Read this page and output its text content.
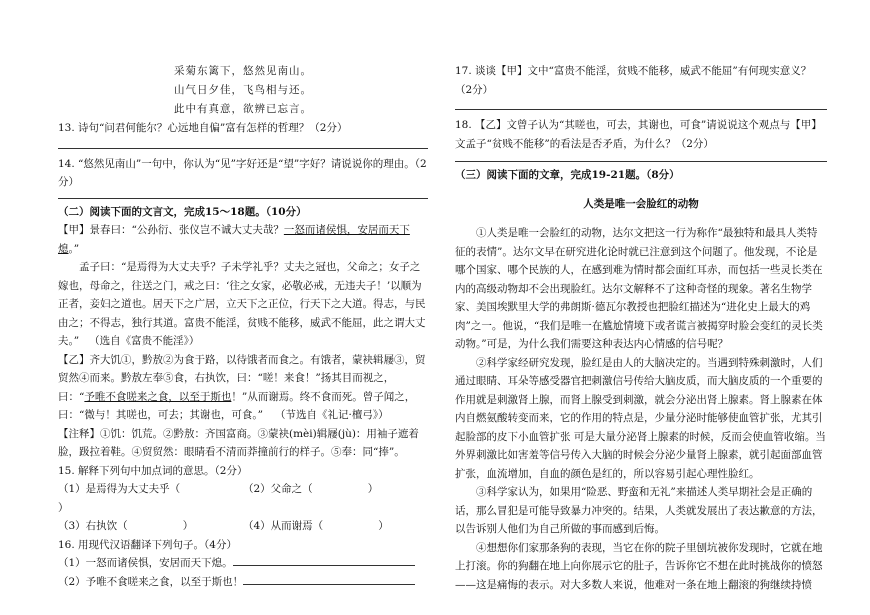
采菊东篱下，悠然见南山。
山气日夕佳，飞鸟相与还。
此中有真意，欲辨已忘言。

13. 诗句“问君何能尔？心远地自偏”富有怎样的哲理？（2分）

14. “悠然见南山”一句中，你认为“见”字好还是“望”字好？请说说你的理由。（2分）

（二）阅读下面的文言文，完成15～18题。（10分）

【甲】景春曰：“公孙衍、张仪岂不诚大丈夫哉？一怒而诸侯惧，安居而天下熄。”

孟子曰：“是焉得为大丈夫乎？子未学礼乎？丈夫之冠也，父命之；女子之嫁也，母命之，往送之门，戒之曰：‘往之女家，必敬必戒，无违夫子！’以顺为正者，妾妇之道也。居天下之广居，立天下之正位，行天下之大道。得志，与民由之；不得志，独行其道。富贵不能淫，贫贱不能移，威武不能屈，此之谓大丈夫。” （选自《富贵不能淫》）

【乙】齐大饥①，黔敖②为食于路，以待饿者而食之。有饿者，蒙袂辑屦③，贸贸然④而来。黔敖左奉⑤食，右执饮，曰：“嗟！来食！”扬其目而视之，曰：“予唯不食嗟来之食，以至于斯也！”从而谢焉。终不食而死。曾子闻之，曰：“微与！其嗟也，可去；其谢也，可食。” （节选自《礼记·檀弓》）

【注释】①饥：饥荒。②黔敖：齐国富商。③蒙袂(mèi)辑屦(jù)：用袖子遮着脸，趿拉着鞋。④贸贸然：眼睛看不清而莽撞前行的样子。⑤奉：同“捧”。

15. 解释下列句中加点词的意思。（2分）

（1）是焉得为大丈夫乎（）
（2）父命之（	）
（3）右执饮（	）	（4）从而谢焉（	）

16. 用现代汉语翻译下列句子。（4分）

（1）一怒而诸侯惧，安居而天下熄。

（2）予唯不食嗟来之食，以至于斯也！

17. 谈谈【甲】文中“富贵不能淫，贫贱不能移，威武不能屈”有何现实意义？（2分）

18. 【乙】文曾子认为“其嗟也，可去，其谢也，可食”请说说这个观点与【甲】文孟子“贫贱不能移”的看法是否矛盾，为什么？（2分）

（三）阅读下面的文章，完成19-21题。（8分）

人类是唯一会脸红的动物

①人类是唯一会脸红的动物，达尔文把这一行为称作“最独特和最具人类特征的表情”。达尔文早在研究进化论时就已注意到这个问题了。他发现，不论是哪个国家、哪个民族的人，在感到难为情时都会面红耳赤，而包括一些灵长类在内的高级动物却不会出现脸红。达尔文解释不了这种奇怪的现象。著名生物学家、美国埃默里大学的弗朗斯·德瓦尔教授也把脸红描述为“进化史上最大的鸡肉”之一。他说，“我们是唯一在尴尬情境下或者谎言被揭穿时脸会变红的灵长类动物。”可是，为什么我们需要这种表达内心情感的信号呢？

②科学家经研究发现，脸红是由人的大脑决定的。当遇到特殊刺激时，人们通过眼睛、耳朵等感受器官把刺激信号传给大脑皮质，而大脑皮质的一个重要的作用就是刺激肾上腺，而肾上腺受到刺激，就会分泌出肾上腺素。肾上腺素在体内自燃氨酸转变而来，它的作用的特点是，少量分泌时能够使血管扩张，尤其引起脸部的皮下小血管扩张 可是大量分泌肾上腺素的时候，反而会使血管收缩。当外界刺激比如害羞等信号传入大脑的时候会分泌少量肾上腺素，就引起面部血管扩张，血流增加，自血的颜色是红的，所以容易引起心理性脸红。

③科学家认为，如果用“险恶、野蛮和无礼”来描述人类早期社会是正确的话，那么冒犯是可能导致暴力冲突的。结果，人类就发展出了表达歉意的方法，以告诉别人他们为自己所做的事而感到后悔。

④想想你们家那条狗的表现，当它在你的院子里刨坑被你发现时，它就在地上打滚。你的狗翻在地上向你展示它的肚子，告诉你它不想在此时挑战你的愤怒——这是痛悔的表示。对大多数人来说，他难对一条在地上翻滚的狗继续持愤
